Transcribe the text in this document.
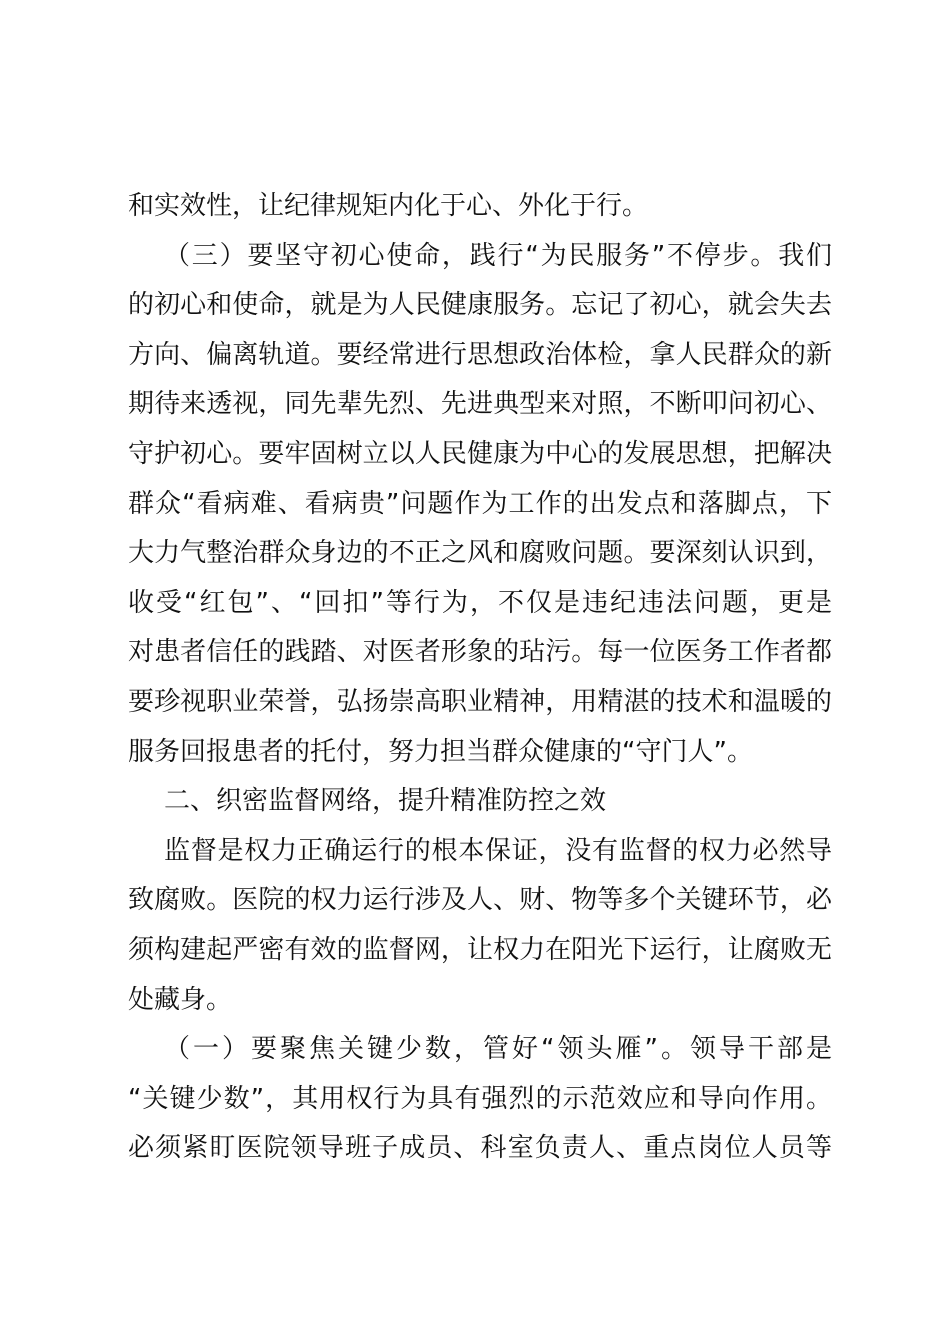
和实效性，让纪律规矩内化于心、外化于行。
（三）要坚守初心使命，践行“为民服务”不停步。我们
的初心和使命，就是为人民健康服务。忘记了初心，就会失去
方向、偏离轨道。要经常进行思想政治体检，拿人民群众的新
期待来透视，同先辈先烈、先进典型来对照，不断叩问初心、
守护初心。要牢固树立以人民健康为中心的发展思想，把解决
群众“看病难、看病贵”问题作为工作的出发点和落脚点，下
大力气整治群众身边的不正之风和腐败问题。要深刻认识到，
收受“红包”、“回扣”等行为，不仅是违纪违法问题，更是
对患者信任的践踏、对医者形象的玷污。每一位医务工作者都
要珍视职业荣誉，弘扬崇高职业精神，用精湛的技术和温暖的
服务回报患者的托付，努力担当群众健康的“守门人”。
二、织密监督网络，提升精准防控之效
监督是权力正确运行的根本保证，没有监督的权力必然导
致腐败。医院的权力运行涉及人、财、物等多个关键环节，必
须构建起严密有效的监督网，让权力在阳光下运行，让腐败无
处藏身。
（一）要聚焦关键少数，管好“领头雁”。领导干部是
“关键少数”，其用权行为具有强烈的示范效应和导向作用。
必须紧盯医院领导班子成员、科室负责人、重点岗位人员等
